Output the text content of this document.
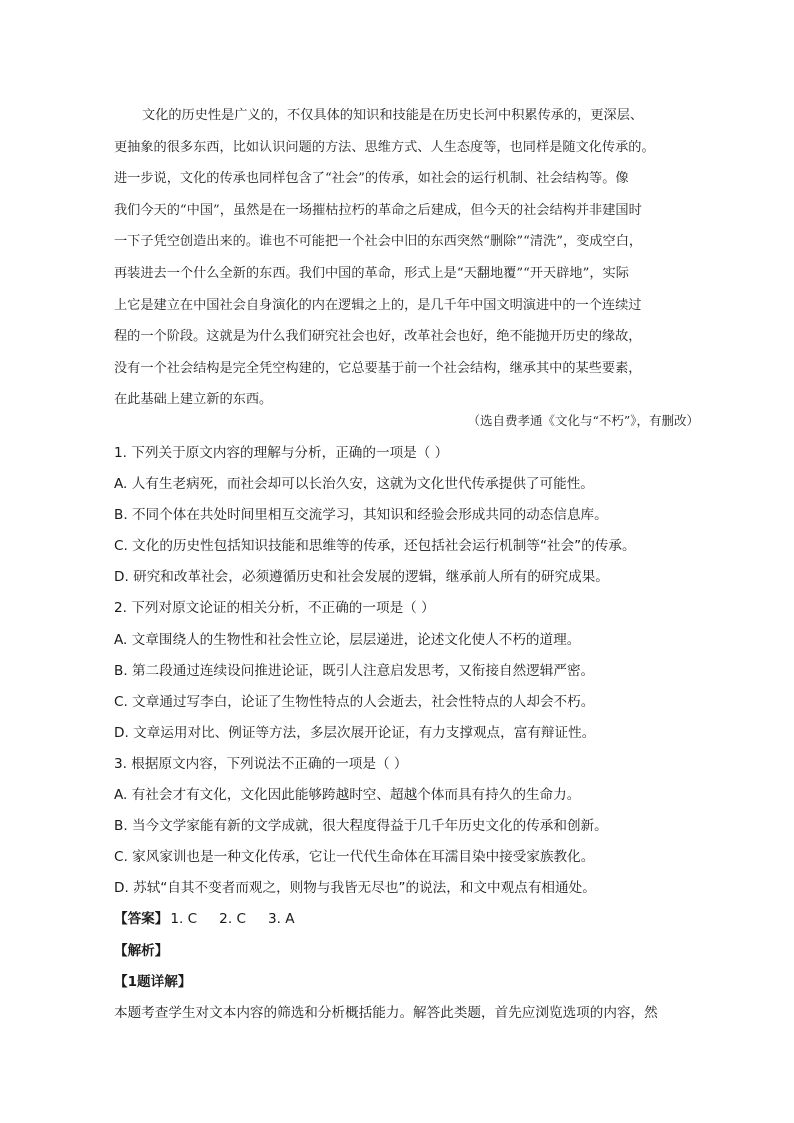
文化的历史性是广义的，不仅具体的知识和技能是在历史长河中积累传承的，更深层、
更抽象的很多东西，比如认识问题的方法、思维方式、人生态度等，也同样是随文化传承的。
进一步说，文化的传承也同样包含了“社会”的传承，如社会的运行机制、社会结构等。像
我们今天的“中国”，虽然是在一场摧枯拉朽的革命之后建成，但今天的社会结构并非建国时
一下子凭空创造出来的。谁也不可能把一个社会中旧的东西突然“删除”“清洗”，变成空白，
再装进去一个什么全新的东西。我们中国的革命，形式上是“天翻地覆”“开天辟地”，实际
上它是建立在中国社会自身演化的内在逻辑之上的，是几千年中国文明演进中的一个连续过
程的一个阶段。这就是为什么我们研究社会也好，改革社会也好，绝不能抛开历史的缘故，
没有一个社会结构是完全凭空构建的，它总要基于前一个社会结构，继承其中的某些要素，
在此基础上建立新的东西。
（选自费孝通《文化与“不朽”》，有删改）
1. 下列关于原文内容的理解与分析，正确的一项是（ ）
A. 人有生老病死，而社会却可以长治久安，这就为文化世代传承提供了可能性。
B. 不同个体在共处时间里相互交流学习，其知识和经验会形成共同的动态信息库。
C. 文化的历史性包括知识技能和思维等的传承，还包括社会运行机制等“社会”的传承。
D. 研究和改革社会，必须遵循历史和社会发展的逻辑，继承前人所有的研究成果。
2. 下列对原文论证的相关分析，不正确的一项是（ ）
A. 文章围绕人的生物性和社会性立论，层层递进，论述文化使人不朽的道理。
B. 第二段通过连续设问推进论证，既引人注意启发思考，又衔接自然逻辑严密。
C. 文章通过写李白，论证了生物性特点的人会逝去，社会性特点的人却会不朽。
D. 文章运用对比、例证等方法，多层次展开论证，有力支撑观点，富有辩证性。
3. 根据原文内容，下列说法不正确的一项是（ ）
A. 有社会才有文化，文化因此能够跨越时空、超越个体而具有持久的生命力。
B. 当今文学家能有新的文学成就，很大程度得益于几千年历史文化的传承和创新。
C. 家风家训也是一种文化传承，它让一代代生命体在耳濡目染中接受家族教化。
D. 苏轼“自其不变者而观之，则物与我皆无尽也”的说法，和文中观点有相通处。
【答案】 1. C 2. C 3. A
【解析】
【1题详解】
本题考查学生对文本内容的筛选和分析概括能力。解答此类题，首先应浏览选项的内容，然
